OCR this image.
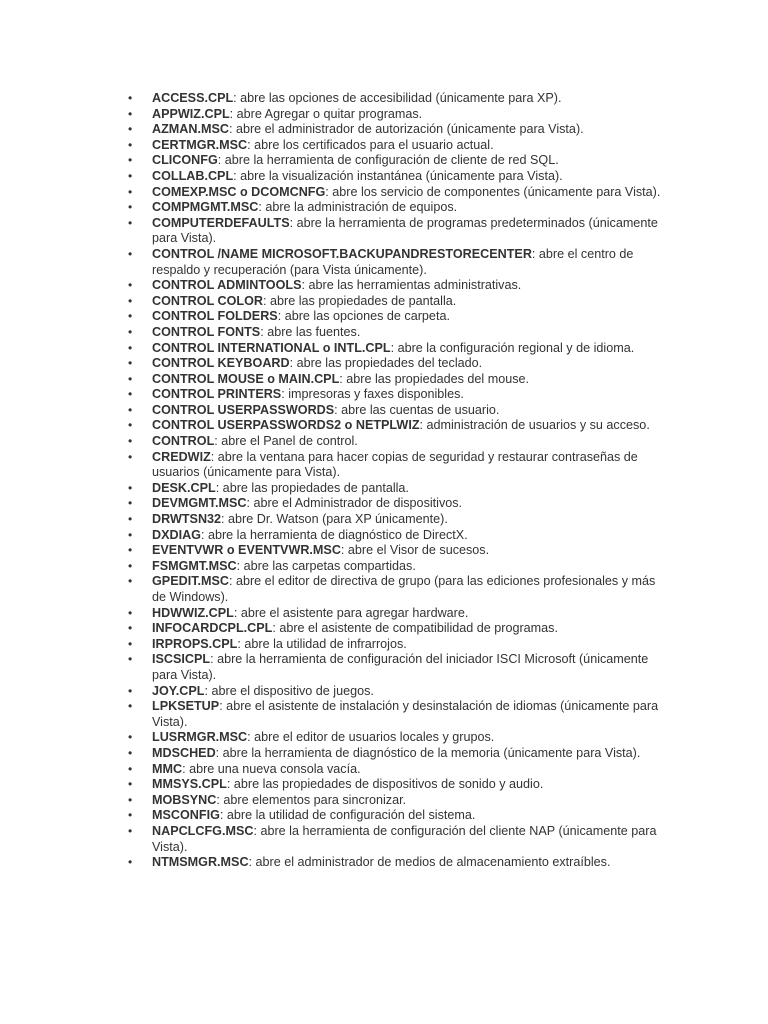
• ACCESS.CPL: abre las opciones de accesibilidad (únicamente para XP).
• APPWIZ.CPL: abre Agregar o quitar programas.
• AZMAN.MSC: abre el administrador de autorización (únicamente para Vista).
• CERTMGR.MSC: abre los certificados para el usuario actual.
• CLICONFG: abre la herramienta de configuración de cliente de red SQL.
• COLLAB.CPL: abre la visualización instantánea (únicamente para Vista).
• COMEXP.MSC o DCOMCNFG: abre los servicio de componentes (únicamente para Vista).
• COMPMGMT.MSC: abre la administración de equipos.
• COMPUTERDEFAULTS: abre la herramienta de programas predeterminados (únicamente para Vista).
• CONTROL /NAME MICROSOFT.BACKUPANDRESTORECENTER: abre el centro de respaldo y recuperación (para Vista únicamente).
• CONTROL ADMINTOOLS: abre las herramientas administrativas.
• CONTROL COLOR: abre las propiedades de pantalla.
• CONTROL FOLDERS: abre las opciones de carpeta.
• CONTROL FONTS: abre las fuentes.
• CONTROL INTERNATIONAL o INTL.CPL: abre la configuración regional y de idioma.
• CONTROL KEYBOARD: abre las propiedades del teclado.
• CONTROL MOUSE o MAIN.CPL: abre las propiedades del mouse.
• CONTROL PRINTERS: impresoras y faxes disponibles.
• CONTROL USERPASSWORDS: abre las cuentas de usuario.
• CONTROL USERPASSWORDS2 o NETPLWIZ: administración de usuarios y su acceso.
• CONTROL: abre el Panel de control.
• CREDWIZ: abre la ventana para hacer copias de seguridad y restaurar contraseñas de usuarios (únicamente para Vista).
• DESK.CPL: abre las propiedades de pantalla.
• DEVMGMT.MSC: abre el Administrador de dispositivos.
• DRWTSN32: abre Dr. Watson (para XP únicamente).
• DXDIAG: abre la herramienta de diagnóstico de DirectX.
• EVENTVWR o EVENTVWR.MSC: abre el Visor de sucesos.
• FSMGMT.MSC: abre las carpetas compartidas.
• GPEDIT.MSC: abre el editor de directiva de grupo (para las ediciones profesionales y más de Windows).
• HDWWIZ.CPL: abre el asistente para agregar hardware.
• INFOCARDCPL.CPL: abre el asistente de compatibilidad de programas.
• IRPROPS.CPL: abre la utilidad de infrarrojos.
• ISCSICPL: abre la herramienta de configuración del iniciador ISCI Microsoft (únicamente para Vista).
• JOY.CPL: abre el dispositivo de juegos.
• LPKSETUP: abre el asistente de instalación y desinstalación de idiomas (únicamente para Vista).
• LUSRMGR.MSC: abre el editor de usuarios locales y grupos.
• MDSCHED: abre la herramienta de diagnóstico de la memoria (únicamente para Vista).
• MMC: abre una nueva consola vacía.
• MMSYS.CPL: abre las propiedades de dispositivos de sonido y audio.
• MOBSYNC: abre elementos para sincronizar.
• MSCONFIG: abre la utilidad de configuración del sistema.
• NAPCLCFG.MSC: abre la herramienta de configuración del cliente NAP (únicamente para Vista).
• NTMSMGR.MSC: abre el administrador de medios de almacenamiento extraíbles.
